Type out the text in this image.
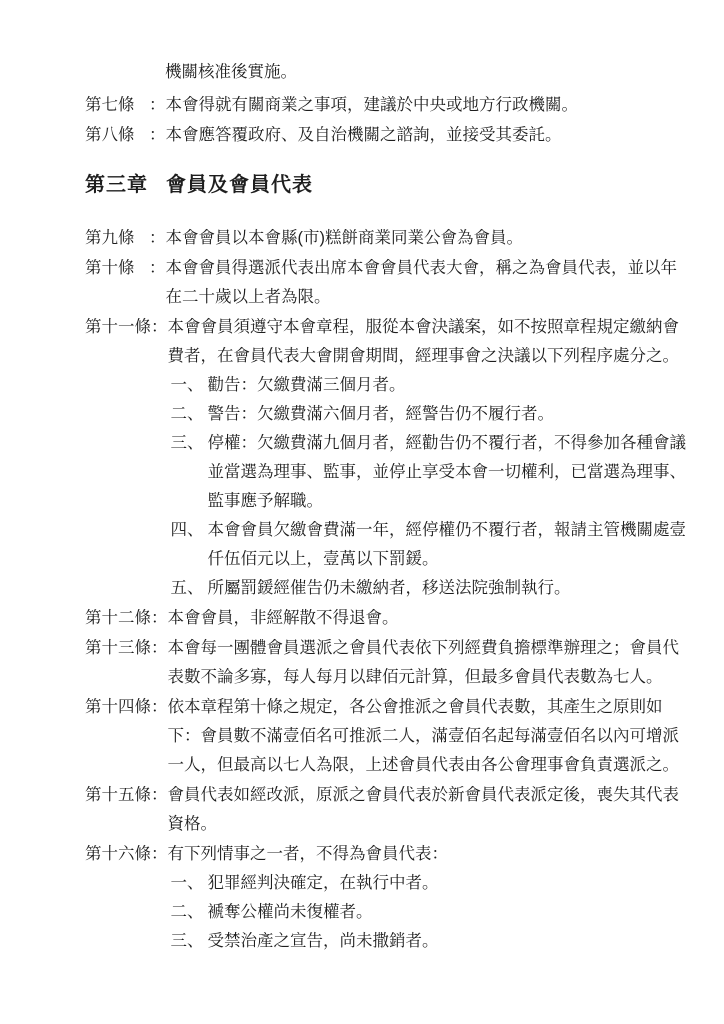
機關核准後實施。
第七條 ： 本會得就有關商業之事項，建議於中央或地方行政機關。
第八條 ： 本會應答覆政府、及自治機關之諮詢，並接受其委託。
第三章 會員及會員代表
第九條 ： 本會會員以本會縣(市)糕餅商業同業公會為會員。
第十條 ： 本會會員得選派代表出席本會會員代表大會，稱之為會員代表，並以年在二十歲以上者為限。
第十一條 ： 本會會員須遵守本會章程，服從本會決議案，如不按照章程規定繳納會費者，在會員代表大會開會期間，經理事會之決議以下列程序處分之。
一、 勸告：欠繳費滿三個月者。
二、 警告：欠繳費滿六個月者，經警告仍不履行者。
三、 停權：欠繳費滿九個月者，經勸告仍不覆行者，不得參加各種會議並當選為理事、監事，並停止享受本會一切權利，已當選為理事、監事應予解職。
四、 本會會員欠繳會費滿一年，經停權仍不覆行者，報請主管機關處壹仟伍佰元以上，壹萬以下罰鍰。
五、 所屬罰鍰經催告仍未繳納者，移送法院強制執行。
第十二條 ： 本會會員，非經解散不得退會。
第十三條 ： 本會每一團體會員選派之會員代表依下列經費負擔標準辦理之；會員代表數不論多寡，每人每月以肆佰元計算，但最多會員代表數為七人。
第十四條 ： 依本章程第十條之規定，各公會推派之會員代表數，其產生之原則如下：會員數不滿壹佰名可推派二人，滿壹佰名起每滿壹佰名以內可增派一人，但最高以七人為限，上述會員代表由各公會理事會負責選派之。
第十五條 ： 會員代表如經改派，原派之會員代表於新會員代表派定後，喪失其代表資格。
第十六條 ： 有下列情事之一者，不得為會員代表：
一、 犯罪經判決確定，在執行中者。
二、 褫奪公權尚未復權者。
三、 受禁治產之宣告，尚未撒銷者。
